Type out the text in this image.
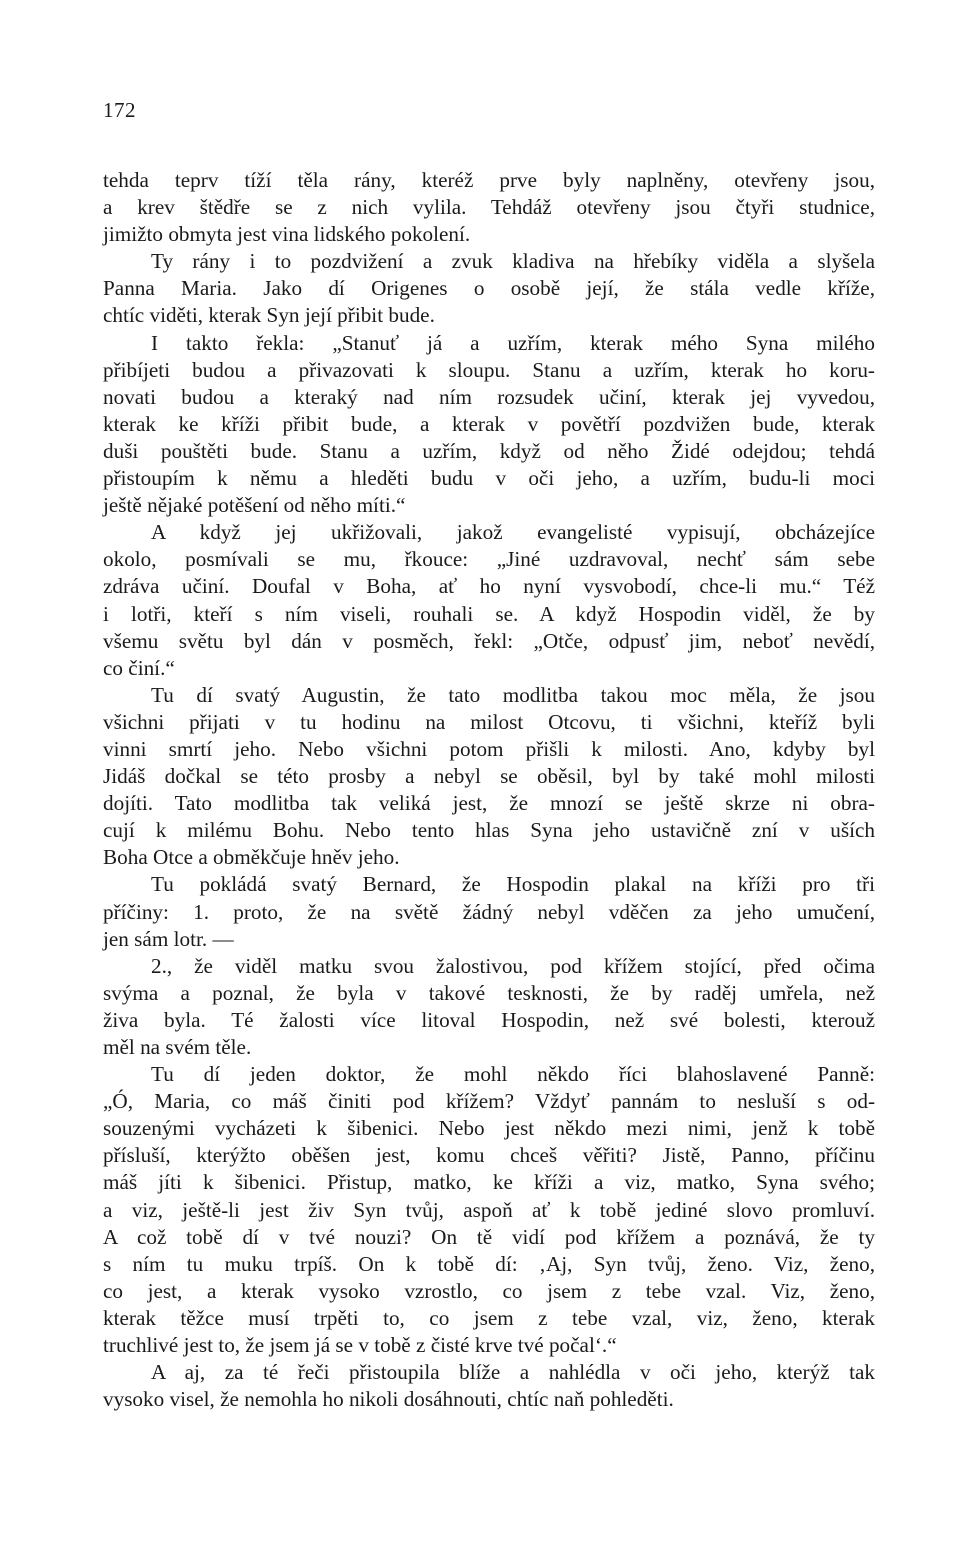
172
tehda teprv tíží těla rány, kteréž prve byly naplněny, otevřeny jsou,
a krev štědře se z nich vylila. Tehdáž otevřeny jsou čtyři studnice,
jimižto obmyta jest vina lidského pokolení.
Ty rány i to pozdvižení a zvuk kladiva na hřebíky viděla a slyšela
Panna Maria. Jako dí Origenes o osobě její, že stála vedle kříže,
chtíc viděti, kterak Syn její přibit bude.
I takto řekla: „Stanuť já a uzřím, kterak mého Syna milého
přibíjeti budou a přivazovati k sloupu. Stanu a uzřím, kterak ho koru-
novati budou a kteraký nad ním rozsudek učiní, kterak jej vyvedou,
kterak ke kříži přibit bude, a kterak v povětří pozdvižen bude, kterak
duši pouštěti bude. Stanu a uzřím, když od něho Židé odejdou; tehdá
přistoupím k němu a hleděti budu v oči jeho, a uzřím, budu-li moci
ještě nějaké potěšení od něho míti.“
A když jej ukřižovali, jakož evangelisté vypisují, obcházejíce
okolo, posmívali se mu, řkouce: „Jiné uzdravoval, nechť sám sebe
zdráva učiní. Doufal v Boha, ať ho nyní vysvobodí, chce-li mu.“ Též
i lotři, kteří s ním viseli, rouhali se. A když Hospodin viděl, že by
všemu světu byl dán v posměch, řekl: „Otče, odpusť jim, neboť nevědí,
co činí.“
Tu dí svatý Augustin, že tato modlitba takou moc měla, že jsou
všichni přijati v tu hodinu na milost Otcovu, ti všichni, kteříž byli
vinni smrtí jeho. Nebo všichni potom přišli k milosti. Ano, kdyby byl
Jidáš dočkal se této prosby a nebyl se oběsil, byl by také mohl milosti
dojíti. Tato modlitba tak veliká jest, že mnozí se ještě skrze ni obra-
cují k milému Bohu. Nebo tento hlas Syna jeho ustavičně zní v uších
Boha Otce a obměkčuje hněv jeho.
Tu pokládá svatý Bernard, že Hospodin plakal na kříži pro tři
příčiny: 1. proto, že na světě žádný nebyl vděčen za jeho umučení,
jen sám lotr. —
2., že viděl matku svou žalostivou, pod křížem stojící, před očima
svýma a poznal, že byla v takové tesknosti, že by raděj umřela, než
živa byla. Té žalosti více litoval Hospodin, než své bolesti, kterouž
měl na svém těle.
Tu dí jeden doktor, že mohl někdo říci blahoslavené Panně:
„Ó, Maria, co máš činiti pod křížem? Vždyť pannám to nesluší s od-
souzenými vycházeti k šibenici. Nebo jest někdo mezi nimi, jenž k tobě
přísluší, kterýžto oběšen jest, komu chceš věřiti? Jistě, Panno, příčinu
máš jíti k šibenici. Přistup, matko, ke kříži a viz, matko, Syna svého;
a viz, ještě-li jest živ Syn tvůj, aspoň ať k tobě jediné slovo promluví.
A což tobě dí v tvé nouzi? On tě vidí pod křížem a poznává, že ty
s ním tu muku trpíš. On k tobě dí: ‚Aj, Syn tvůj, ženo. Viz, ženo,
co jest, a kterak vysoko vzrostlo, co jsem z tebe vzal. Viz, ženo,
kterak těžce musí trpěti to, co jsem z tebe vzal, viz, ženo, kterak
truchlivé jest to, že jsem já se v tobě z čisté krve tvé počal‘.“
A aj, za té řeči přistoupila blíže a nahlédla v oči jeho, kterýž tak
vysoko visel, že nemohla ho nikoli dosáhnouti, chtíc naň pohleděti.
